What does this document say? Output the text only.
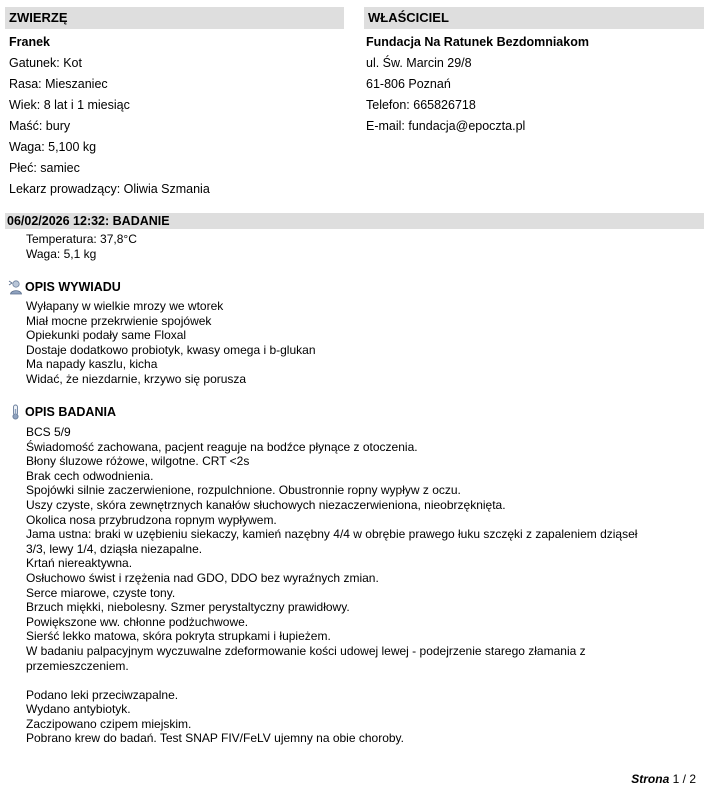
ZWIERZĘ	WŁAŚCICIEL
Franek
Gatunek: Kot
Rasa: Mieszaniec
Wiek: 8 lat i 1 miesiąc
Maść: bury
Waga: 5,100 kg
Płeć: samiec
Lekarz prowadzący: Oliwia Szmania
Fundacja Na Ratunek Bezdomniakom
ul. Św. Marcin 29/8
61-806 Poznań
Telefon: 665826718
E-mail: fundacja@epoczta.pl
06/02/2026 12:32: BADANIE
Temperatura: 37,8°C
Waga: 5,1 kg
OPIS WYWIADU
Wyłapany w wielkie mrozy we wtorek
Miał mocne przekrwienie spojówek
Opiekunki podały same Floxal
Dostaje dodatkowo probiotyk, kwasy omega i b-glukan
Ma napady kaszlu, kicha
Widać, że niezdarnie, krzywo się porusza
OPIS BADANIA
BCS 5/9
Świadomość zachowana, pacjent reaguje na bodźce płynące z otoczenia.
Błony śluzowe różowe, wilgotne. CRT <2s
Brak cech odwodnienia.
Spojówki silnie zaczerwienione, rozpulchnione. Obustronnie ropny wypływ z oczu.
Uszy czyste, skóra zewnętrznych kanałów słuchowych niezaczerwieniona, nieobrzęknięta.
Okolica nosa przybrudzona ropnym wypływem.
Jama ustna: braki w uzębieniu siekaczy, kamień nazębny 4/4 w obrębie prawego łuku szczęki z zapaleniem dziąseł
3/3, lewy 1/4, dziąsła niezapalne.
Krtań niereaktywna.
Osłuchowo świst i rzężenia nad GDO, DDO bez wyraźnych zmian.
Serce miarowe, czyste tony.
Brzuch miękki, niebolesny. Szmer perystaltyczny prawidłowy.
Powiększone ww. chłonne podżuchwowe.
Sierść lekko matowa, skóra pokryta strupkami i łupieżem.
W badaniu palpacyjnym wyczuwalne zdeformowanie kości udowej lewej - podejrzenie starego złamania z
przemieszczeniem.
Podano leki przeciwzapalne.
Wydano antybiotyk.
Zaczipowano czipem miejskim.
Pobrano krew do badań. Test SNAP FIV/FeLV ujemny na obie choroby.
Strona 1 / 2
